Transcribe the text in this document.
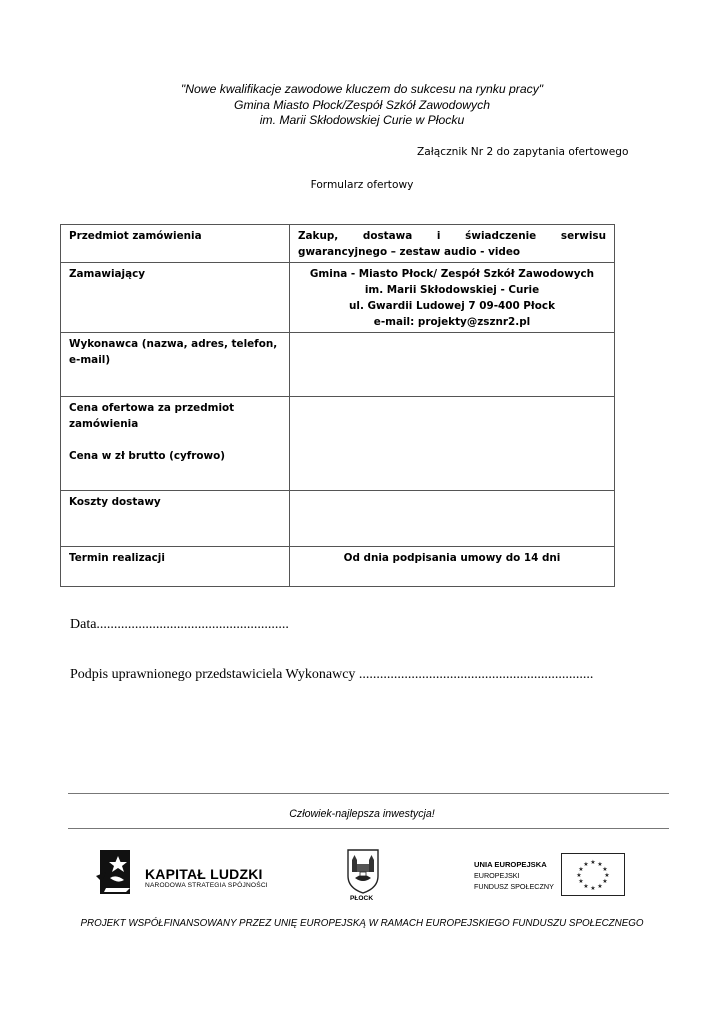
"Nowe kwalifikacje zawodowe kluczem do sukcesu na rynku pracy"
Gmina Miasto Płock/Zespół Szkół Zawodowych
im. Marii Skłodowskiej Curie w Płocku
Załącznik Nr 2 do zapytania ofertowego
Formularz ofertowy
Przedmiot zamówienia	Zakup, dostawa i świadczenie serwisu gwarancyjnego – zestaw audio - video
Zamawiający	Gmina - Miasto Płock/ Zespół Szkół Zawodowych
im. Marii Skłodowskiej - Curie
ul. Gwardii Ludowej 7 09-400 Płock
e-mail: projekty@zsznr2.pl

Wykonawca (nazwa, adres, telefon, e-mail)	

Cena ofertowa za przedmiot zamówienia
Cena w zł brutto (cyfrowo)	

Koszty dostawy	
Termin realizacji	Od dnia podpisania umowy do 14 dni
Data.......................................................
Podpis uprawnionego przedstawiciela Wykonawcy ...................................................................
Człowiek-najlepsza inwestycja!
KAPITAŁ LUDZKI
NARODOWA STRATEGIA SPÓJNOŚCI
PŁOCK
UNIA EUROPEJSKA
EUROPEJSKI
FUNDUSZ SPOŁECZNY
★ ★
★
★
★
★
★
★
★
★
★
★
PROJEKT WSPÓŁFINANSOWANY PRZEZ UNIĘ EUROPEJSKĄ W RAMACH EUROPEJSKIEGO FUNDUSZU SPOŁECZNEGO
